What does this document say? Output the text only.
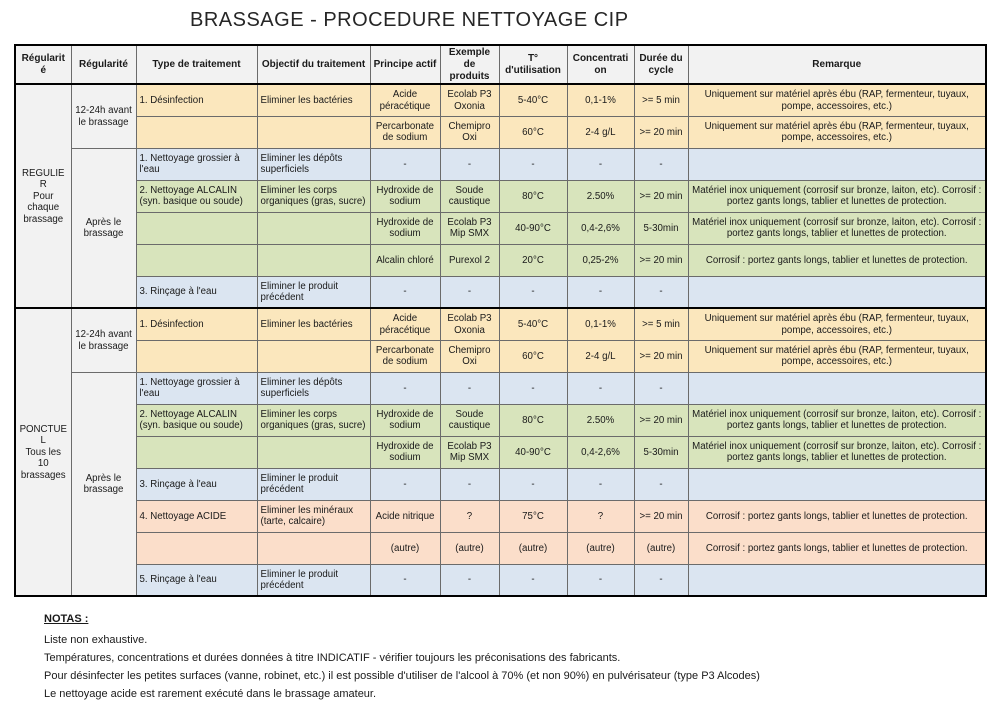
BRASSAGE - PROCEDURE NETTOYAGE CIP
Régularité	Régularité	Type de traitement	Objectif du traitement	Principe actif	Exemple de produits	T° d'utilisation	Concentration	Durée du cycle	Remarque

REGULIER
Pour chaque brassage	12-24h avant le brassage	1. Désinfection	Eliminer les bactéries	Acide péracétique	Ecolab P3 Oxonia	5-40°C	0,1-1%	>= 5 min	Uniquement sur matériel après ébu (RAP, fermenteur, tuyaux, pompe, accessoires, etc.)
				Percarbonate de sodium	Chemipro Oxi	60°C	2-4 g/L	>= 20 min	Uniquement sur matériel après ébu (RAP, fermenteur, tuyaux, pompe, accessoires, etc.)
	Après le brassage	1. Nettoyage grossier à l'eau	Eliminer les dépôts superficiels	-	-	-	-	-	
		2. Nettoyage ALCALIN (syn. basique ou soude)	Eliminer les corps organiques (gras, sucre)	Hydroxide de sodium	Soude caustique	80°C	2.50%	>= 20 min	Matériel inox uniquement (corrosif sur bronze, laiton, etc). Corrosif : portez gants longs, tablier et lunettes de protection.
				Hydroxide de sodium	Ecolab P3 Mip SMX	40-90°C	0,4-2,6%	5-30min	Matériel inox uniquement (corrosif sur bronze, laiton, etc). Corrosif : portez gants longs, tablier et lunettes de protection.
				Alcalin chloré	Purexol 2	20°C	0,25-2%	>= 20 min	Corrosif : portez gants longs, tablier et lunettes de protection.
		3. Rinçage à l'eau	Eliminer le produit précédent	-	-	-	-	-	

PONCTUEL
Tous les 10 brassages	12-24h avant le brassage	1. Désinfection	Eliminer les bactéries	Acide péracétique	Ecolab P3 Oxonia	5-40°C	0,1-1%	>= 5 min	Uniquement sur matériel après ébu (RAP, fermenteur, tuyaux, pompe, accessoires, etc.)
				Percarbonate de sodium	Chemipro Oxi	60°C	2-4 g/L	>= 20 min	Uniquement sur matériel après ébu (RAP, fermenteur, tuyaux, pompe, accessoires, etc.)
	Après le brassage	1. Nettoyage grossier à l'eau	Eliminer les dépôts superficiels	-	-	-	-	-	
		2. Nettoyage ALCALIN (syn. basique ou soude)	Eliminer les corps organiques (gras, sucre)	Hydroxide de sodium	Soude caustique	80°C	2.50%	>= 20 min	Matériel inox uniquement (corrosif sur bronze, laiton, etc). Corrosif : portez gants longs, tablier et lunettes de protection.
				Hydroxide de sodium	Ecolab P3 Mip SMX	40-90°C	0,4-2,6%	5-30min	Matériel inox uniquement (corrosif sur bronze, laiton, etc). Corrosif : portez gants longs, tablier et lunettes de protection.
		3. Rinçage à l'eau	Eliminer le produit précédent	-	-	-	-	-	
		4. Nettoyage ACIDE	Eliminer les minéraux (tarte, calcaire)	Acide nitrique	?	75°C	?	>= 20 min	Corrosif : portez gants longs, tablier et lunettes de protection.
				(autre)	(autre)	(autre)	(autre)	(autre)	Corrosif : portez gants longs, tablier et lunettes de protection.
		5. Rinçage à l'eau	Eliminer le produit précédent	-	-	-	-	-	
NOTAS :
Liste non exhaustive.
Températures, concentrations et durées données à titre INDICATIF - vérifier toujours les préconisations des fabricants.
Pour désinfecter les petites surfaces (vanne, robinet, etc.) il est possible d'utiliser de l'alcool à 70% (et non 90%) en pulvérisateur (type P3 Alcodes)
Le nettoyage acide est rarement exécuté dans le brassage amateur.
